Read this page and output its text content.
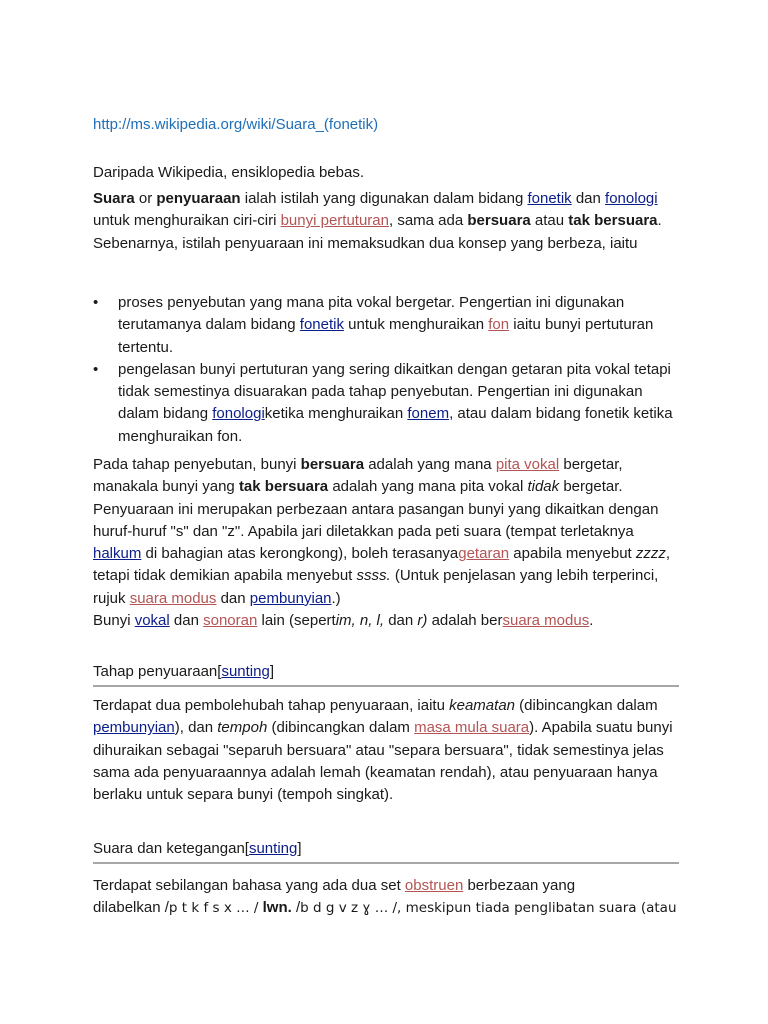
http://ms.wikipedia.org/wiki/Suara_(fonetik)

Daripada Wikipedia, ensiklopedia bebas.

Suara or penyuaraan ialah istilah yang digunakan dalam bidang fonetik dan fonologi untuk menghuraikan ciri-ciri bunyi pertuturan, sama ada bersuara atau tak bersuara. Sebenarnya, istilah penyuaraan ini memaksudkan dua konsep yang berbeza, iaitu

• proses penyebutan yang mana pita vokal bergetar. Pengertian ini digunakan terutamanya dalam bidang fonetik untuk menghuraikan fon iaitu bunyi pertuturan tertentu.
• pengelasan bunyi pertuturan yang sering dikaitkan dengan getaran pita vokal tetapi tidak semestinya disuarakan pada tahap penyebutan. Pengertian ini digunakan dalam bidang fonologiketika menghuraikan fonem, atau dalam bidang fonetik ketika menghuraikan fon.

Pada tahap penyebutan, bunyi bersuara adalah yang mana pita vokal bergetar, manakala bunyi yang tak bersuara adalah yang mana pita vokal tidak bergetar. Penyuaraan ini merupakan perbezaan antara pasangan bunyi yang dikaitkan dengan huruf-huruf "s" dan "z". Apabila jari diletakkan pada peti suara (tempat terletaknya halkum di bahagian atas kerongkong), boleh terasanyagetaran apabila menyebut zzzz, tetapi tidak demikian apabila menyebut ssss. (Untuk penjelasan yang lebih terperinci, rujuk suara modus dan pembunyian.)
Bunyi vokal dan sonoran lain (sepertim, n, l, dan r) adalah bersuara modus.

Tahap penyuaraan[sunting]

Terdapat dua pembolehubah tahap penyuaraan, iaitu keamatan (dibincangkan dalam pembunyian), dan tempoh (dibincangkan dalam masa mula suara). Apabila suatu bunyi dihuraikan sebagai "separuh bersuara" atau "separa bersuara", tidak semestinya jelas sama ada penyuaraannya adalah lemah (keamatan rendah), atau penyuaraan hanya berlaku untuk separa bunyi (tempoh singkat).

Suara dan ketegangan[sunting]

Terdapat sebilangan bahasa yang ada dua set obstruen berbezaan yang
dilabelkan /p t k f s x … / lwn. /b d g v z ɣ … /, meskipun tiada penglibatan suara (atau
